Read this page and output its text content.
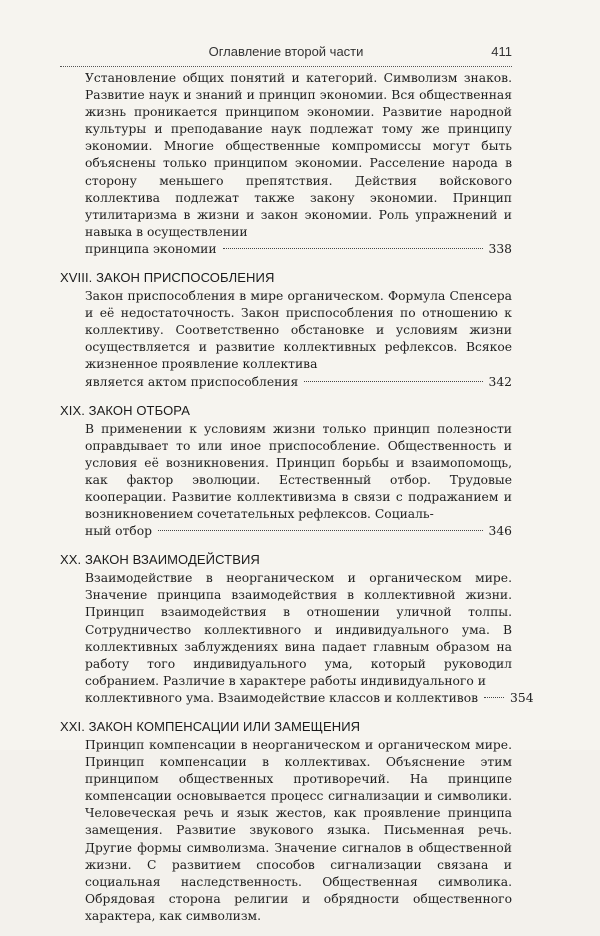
Оглавление второй части	411
Установление общих понятий и категорий. Символизм знаков. Развитие наук и знаний и принцип экономии. Вся общественная жизнь проникается принципом экономии. Развитие народной культуры и преподавание наук подлежат тому же принципу экономии. Многие общественные компромиссы могут быть объяснены только принципом экономии. Расселение народа в сторону меньшего препятствия. Действия войскового коллектива подлежат также закону экономии. Принцип утилитаризма в жизни и закон экономии. Роль упражнений и навыка в осуществлении
принципа экономии	338
XVIII. ЗАКОН ПРИСПОСОБЛЕНИЯ
Закон приспособления в мире органическом. Формула Спенсера и её недостаточность. Закон приспособления по отношению к коллективу. Соответственно обстановке и условиям жизни осуществляется и развитие коллективных рефлексов. Всякое жизненное проявление коллектива
является актом приспособления	342
XIX. ЗАКОН ОТБОРА
В применении к условиям жизни только принцип полезности оправдывает то или иное приспособление. Общественность и условия её возникновения. Принцип борьбы и взаимопомощь, как фактор эволюции. Естественный отбор. Трудовые кооперации. Развитие коллективизма в связи с подражанием и возникновением сочетательных рефлексов. Социаль-
ный отбор	346
XX. ЗАКОН ВЗАИМОДЕЙСТВИЯ
Взаимодействие в неорганическом и органическом мире. Значение принципа взаимодействия в коллективной жизни. Принцип взаимодействия в отношении уличной толпы. Сотрудничество коллективного и индивидуального ума. В коллективных заблуждениях вина падает главным образом на работу того индивидуального ума, который руководил собранием. Различие в характере работы индивидуального и
коллективного ума. Взаимодействие классов и коллективов	354
XXI. ЗАКОН КОМПЕНСАЦИИ ИЛИ ЗАМЕЩЕНИЯ
Принцип компенсации в неорганическом и органическом мире. Принцип компенсации в коллективах. Объяснение этим принципом общественных противоречий. На принципе компенсации основывается процесс сигнализации и символики. Человеческая речь и язык жестов, как проявление принципа замещения. Развитие звукового языка. Письменная речь. Другие формы символизма. Значение сигналов в общественной жизни. С развитием способов сигнализации связана и социальная наследственность. Общественная символика. Обрядовая сторона религии и обрядности общественного характера, как символизм.
